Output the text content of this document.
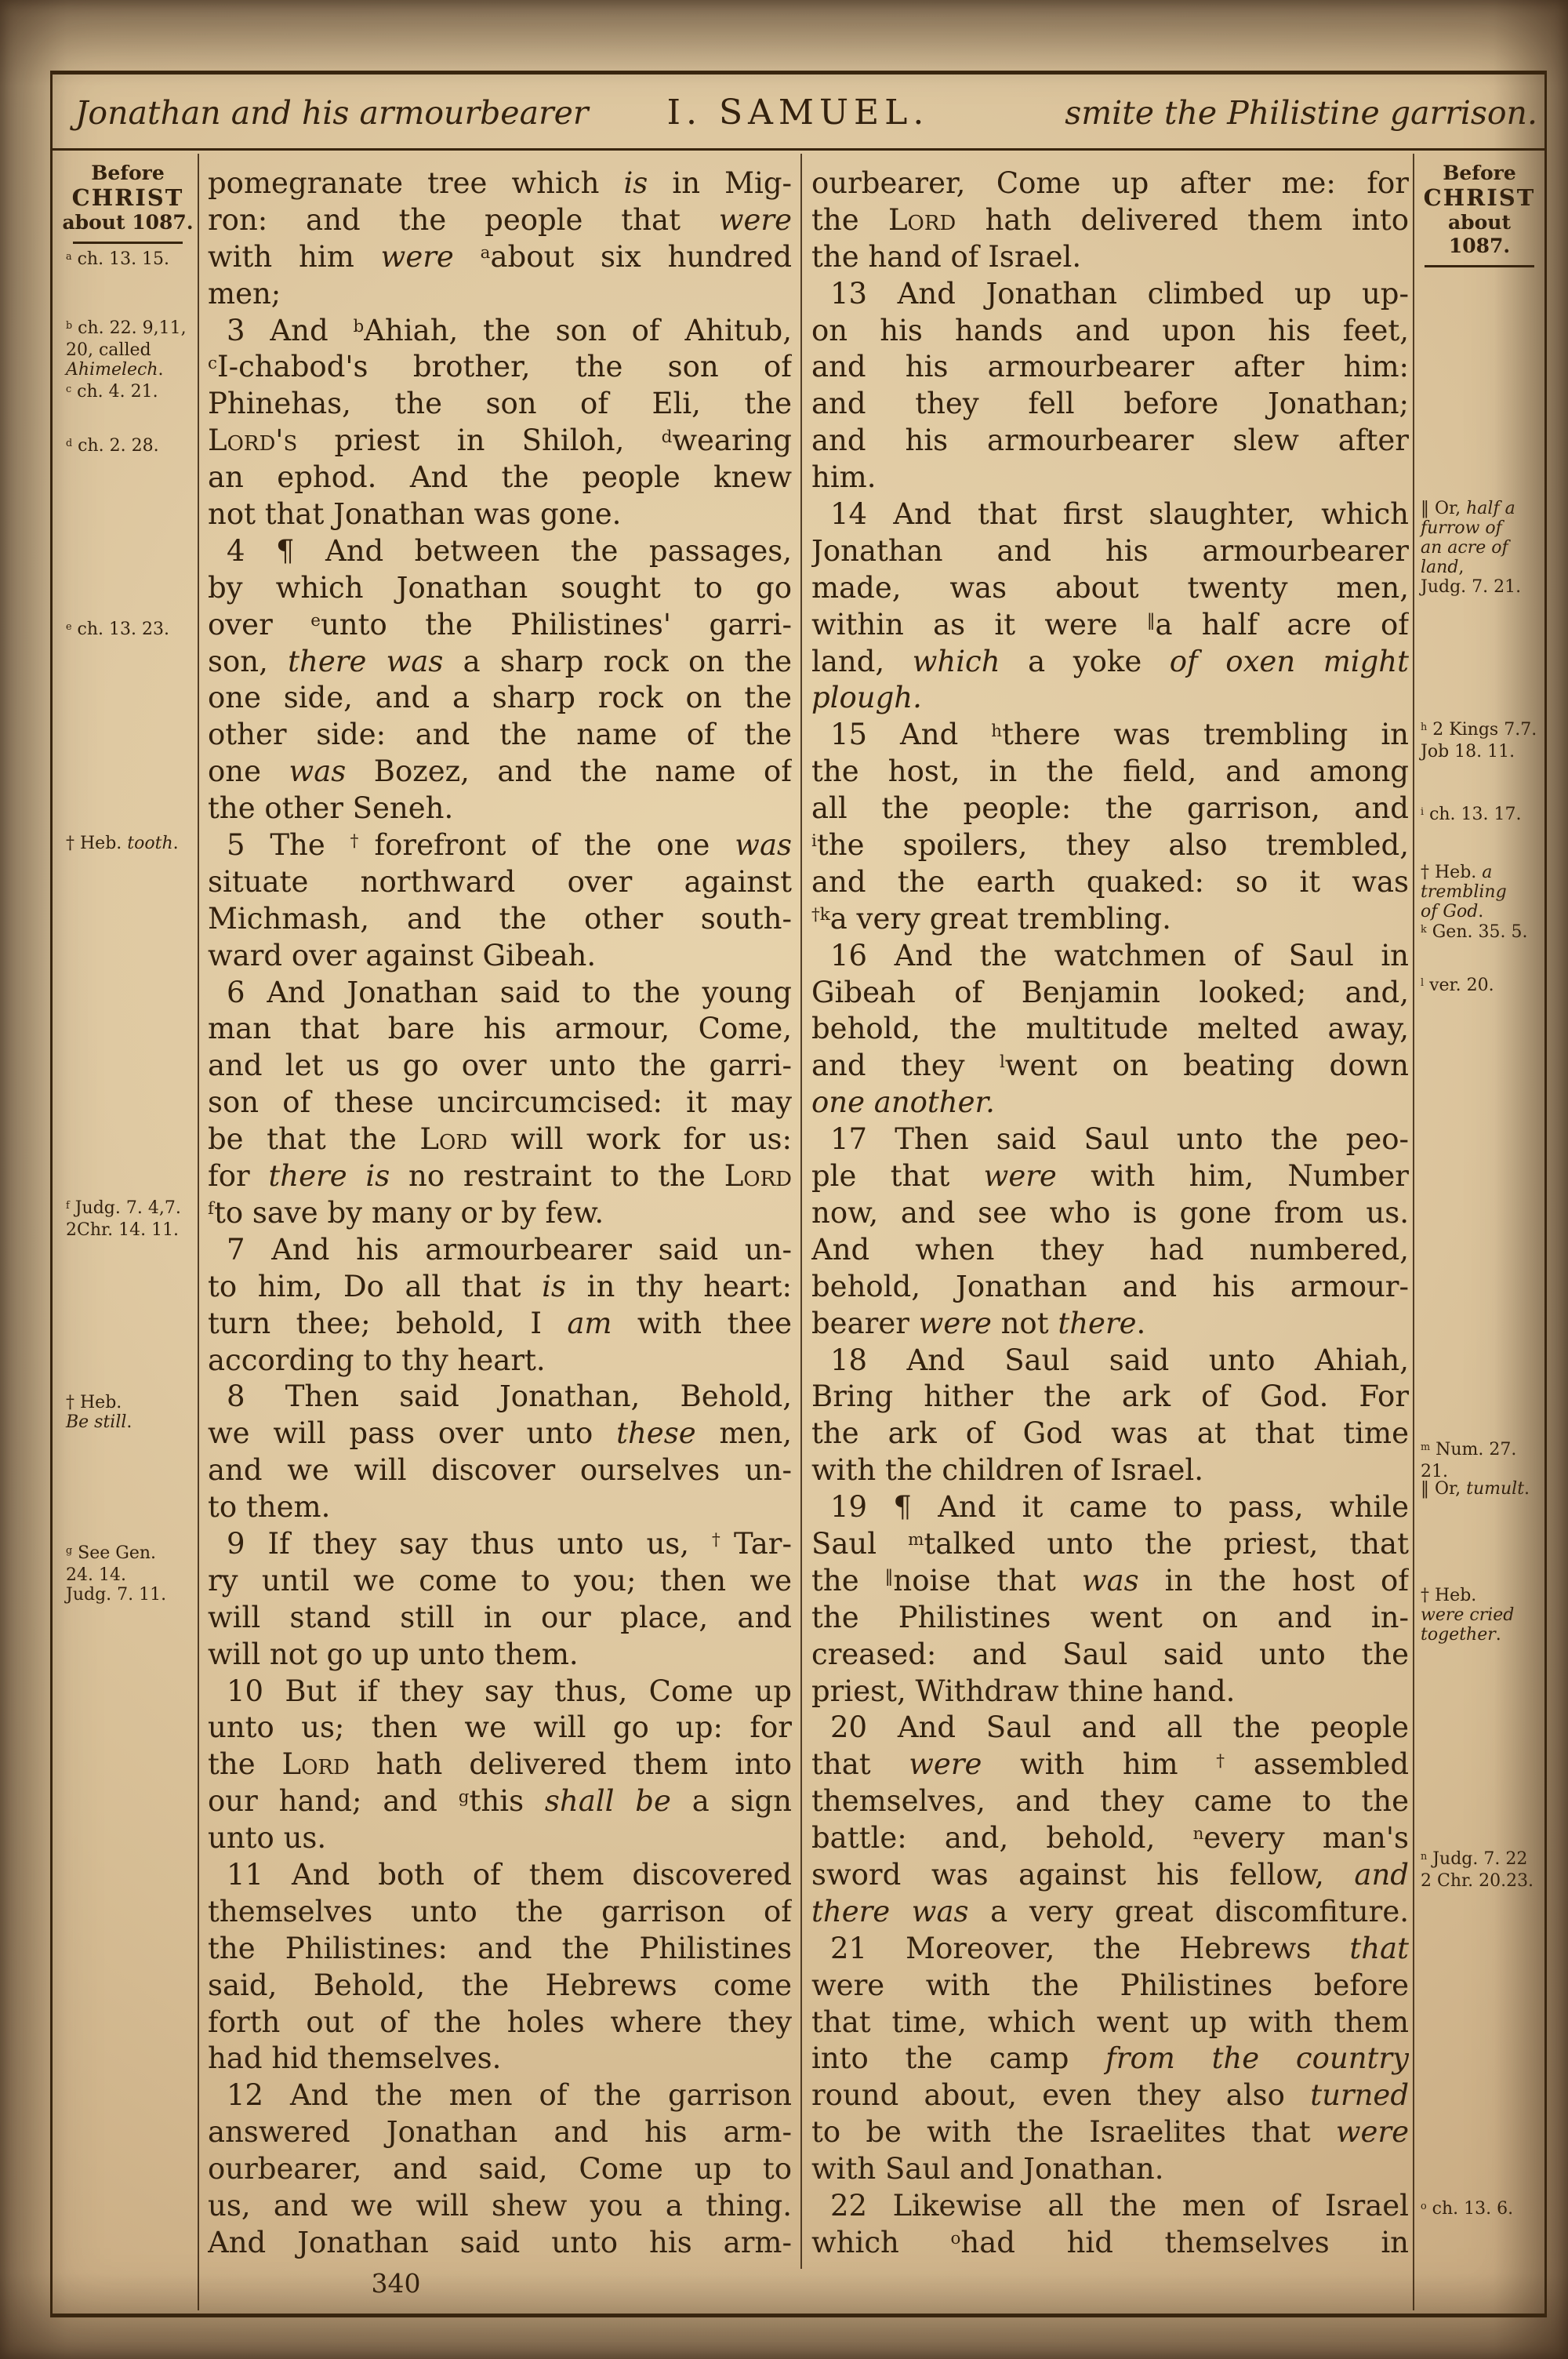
Jonathan and his armourbearer I. SAMUEL.	smite the Philistine garrison.
Before
CHRIST
about 1087.
$^a$ ch. 13. 15.
$^b$ ch. 22. 9,11,
20, called
Ahimelech.
$^c$ ch. 4. 21.
$^d$ ch. 2. 28.
$^e$ ch. 13. 23.
† Heb. tooth.
$^f$ Judg. 7. 4,7.
2Chr. 14. 11.
† Heb.
Be still.
$^g$ See Gen.
24. 14.
Judg. 7. 11.
Before
CHRIST
about 1087.
‖ Or, half a
furrow of
an acre of
land,
Judg. 7. 21.
$^h$ 2 Kings 7.7.
Job 18. 11.
$^i$ ch. 13. 17.
† Heb. a
trembling
of God.
$^k$ Gen. 35. 5.
$^l$ ver. 20.
$^m$ Num. 27.
21.
‖ Or, tumult.
† Heb.
were cried
together.
$^n$ Judg. 7. 22
2 Chr. 20.23.
$^o$ ch. 13. 6.
pomegranate tree which is in Mig-
ron: and the people that were
with him were $^a$about six hundred
men;
3 And $^b$Ahiah, the son of Ahitub,
$^c$I-chabod's brother, the son of
Phinehas, the son of Eli, the
Lord's priest in Shiloh, $^d$wearing
an ephod. And the people knew
not that Jonathan was gone.
4 ¶ And between the passages,
by which Jonathan sought to go
over $^e$unto the Philistines' garri-
son, there was a sharp rock on the
one side, and a sharp rock on the
other side: and the name of the
one was Bozez, and the name of
the other Seneh.
5 The †forefront of the one was
situate northward over against
Michmash, and the other south-
ward over against Gibeah.
6 And Jonathan said to the young
man that bare his armour, Come,
and let us go over unto the garri-
son of these uncircumcised: it may
be that the Lord will work for us:
for there is no restraint to the Lord
$^f$to save by many or by few.
7 And his armourbearer said un-
to him, Do all that is in thy heart:
turn thee; behold, I am with thee
according to thy heart.
8 Then said Jonathan, Behold,
we will pass over unto these men,
and we will discover ourselves un-
to them.
9 If they say thus unto us, †Tar-
ry until we come to you; then we
will stand still in our place, and
will not go up unto them.
10 But if they say thus, Come up
unto us; then we will go up: for
the Lord hath delivered them into
our hand; and $^g$this shall be a sign
unto us.
11 And both of them discovered
themselves unto the garrison of
the Philistines: and the Philistines
said, Behold, the Hebrews come
forth out of the holes where they
had hid themselves.
12 And the men of the garrison
answered Jonathan and his arm-
ourbearer, and said, Come up to
us, and we will shew you a thing.
And Jonathan said unto his arm-
ourbearer, Come up after me: for
the Lord hath delivered them into
the hand of Israel.
13 And Jonathan climbed up up-
on his hands and upon his feet,
and his armourbearer after him:
and they fell before Jonathan;
and his armourbearer slew after
him.
14 And that first slaughter, which
Jonathan and his armourbearer
made, was about twenty men,
within as it were ‖a half acre of
land, which a yoke of oxen might
plough.
15 And $^h$there was trembling in
the host, in the field, and among
all the people: the garrison, and
$^i$the spoilers, they also trembled,
and the earth quaked: so it was
$^{\dagger k}$a very great trembling.
16 And the watchmen of Saul in
Gibeah of Benjamin looked; and,
behold, the multitude melted away,
and they $^l$went on beating down
one another.
17 Then said Saul unto the peo-
ple that were with him, Number
now, and see who is gone from us.
And when they had numbered,
behold, Jonathan and his armour-
bearer were not there.
18 And Saul said unto Ahiah,
Bring hither the ark of God. For
the ark of God was at that time
with the children of Israel.
19 ¶ And it came to pass, while
Saul $^m$talked unto the priest, that
the ‖noise that was in the host of
the Philistines went on and in-
creased: and Saul said unto the
priest, Withdraw thine hand.
20 And Saul and all the people
that were with him †assembled
themselves, and they came to the
battle: and, behold, $^n$every man's
sword was against his fellow, and
there was a very great discomfiture.
21 Moreover, the Hebrews that
were with the Philistines before
that time, which went up with them
into the camp from the country
round about, even they also turned
to be with the Israelites that were
with Saul and Jonathan.
22 Likewise all the men of Israel
which $^o$had hid themselves in
340
